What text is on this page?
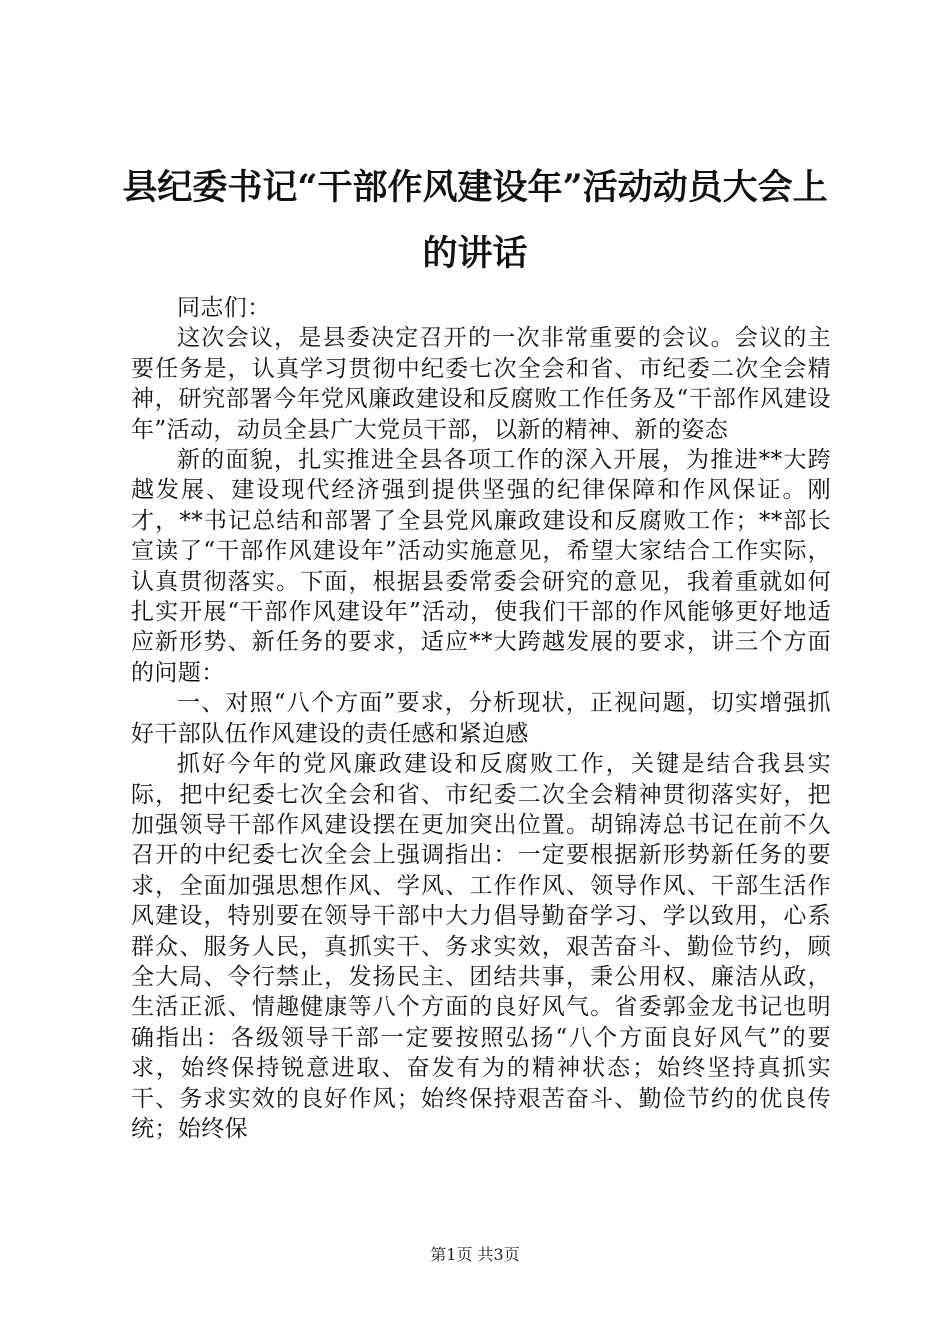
县纪委书记“干部作风建设年”活动动员大会上的讲话

同志们：

这次会议，是县委决定召开的一次非常重要的会议。会议的主要任务是，认真学习贯彻中纪委七次全会和省、市纪委二次全会精神，研究部署今年党风廉政建设和反腐败工作任务及“干部作风建设年”活动，动员全县广大党员干部，以新的精神、新的姿态

新的面貌，扎实推进全县各项工作的深入开展，为推进**大跨越发展、建设现代经济强到提供坚强的纪律保障和作风保证。刚才，**书记总结和部署了全县党风廉政建设和反腐败工作；**部长宣读了“干部作风建设年”活动实施意见，希望大家结合工作实际，认真贯彻落实。下面，根据县委常委会研究的意见，我着重就如何扎实开展“干部作风建设年”活动，使我们干部的作风能够更好地适应新形势、新任务的要求，适应**大跨越发展的要求，讲三个方面的问题：

一、对照“八个方面”要求，分析现状，正视问题，切实增强抓好干部队伍作风建设的责任感和紧迫感

抓好今年的党风廉政建设和反腐败工作，关键是结合我县实际，把中纪委七次全会和省、市纪委二次全会精神贯彻落实好，把加强领导干部作风建设摆在更加突出位置。胡锦涛总书记在前不久召开的中纪委七次全会上强调指出：一定要根据新形势新任务的要求，全面加强思想作风、学风、工作作风、领导作风、干部生活作风建设，特别要在领导干部中大力倡导勤奋学习、学以致用，心系群众、服务人民，真抓实干、务求实效，艰苦奋斗、勤俭节约，顾全大局、令行禁止，发扬民主、团结共事，秉公用权、廉洁从政，生活正派、情趣健康等八个方面的良好风气。省委郭金龙书记也明确指出：各级领导干部一定要按照弘扬“八个方面良好风气”的要求，始终保持锐意进取、奋发有为的精神状态；始终坚持真抓实干、务求实效的良好作风；始终保持艰苦奋斗、勤俭节约的优良传统；始终保

第1页 共3页
